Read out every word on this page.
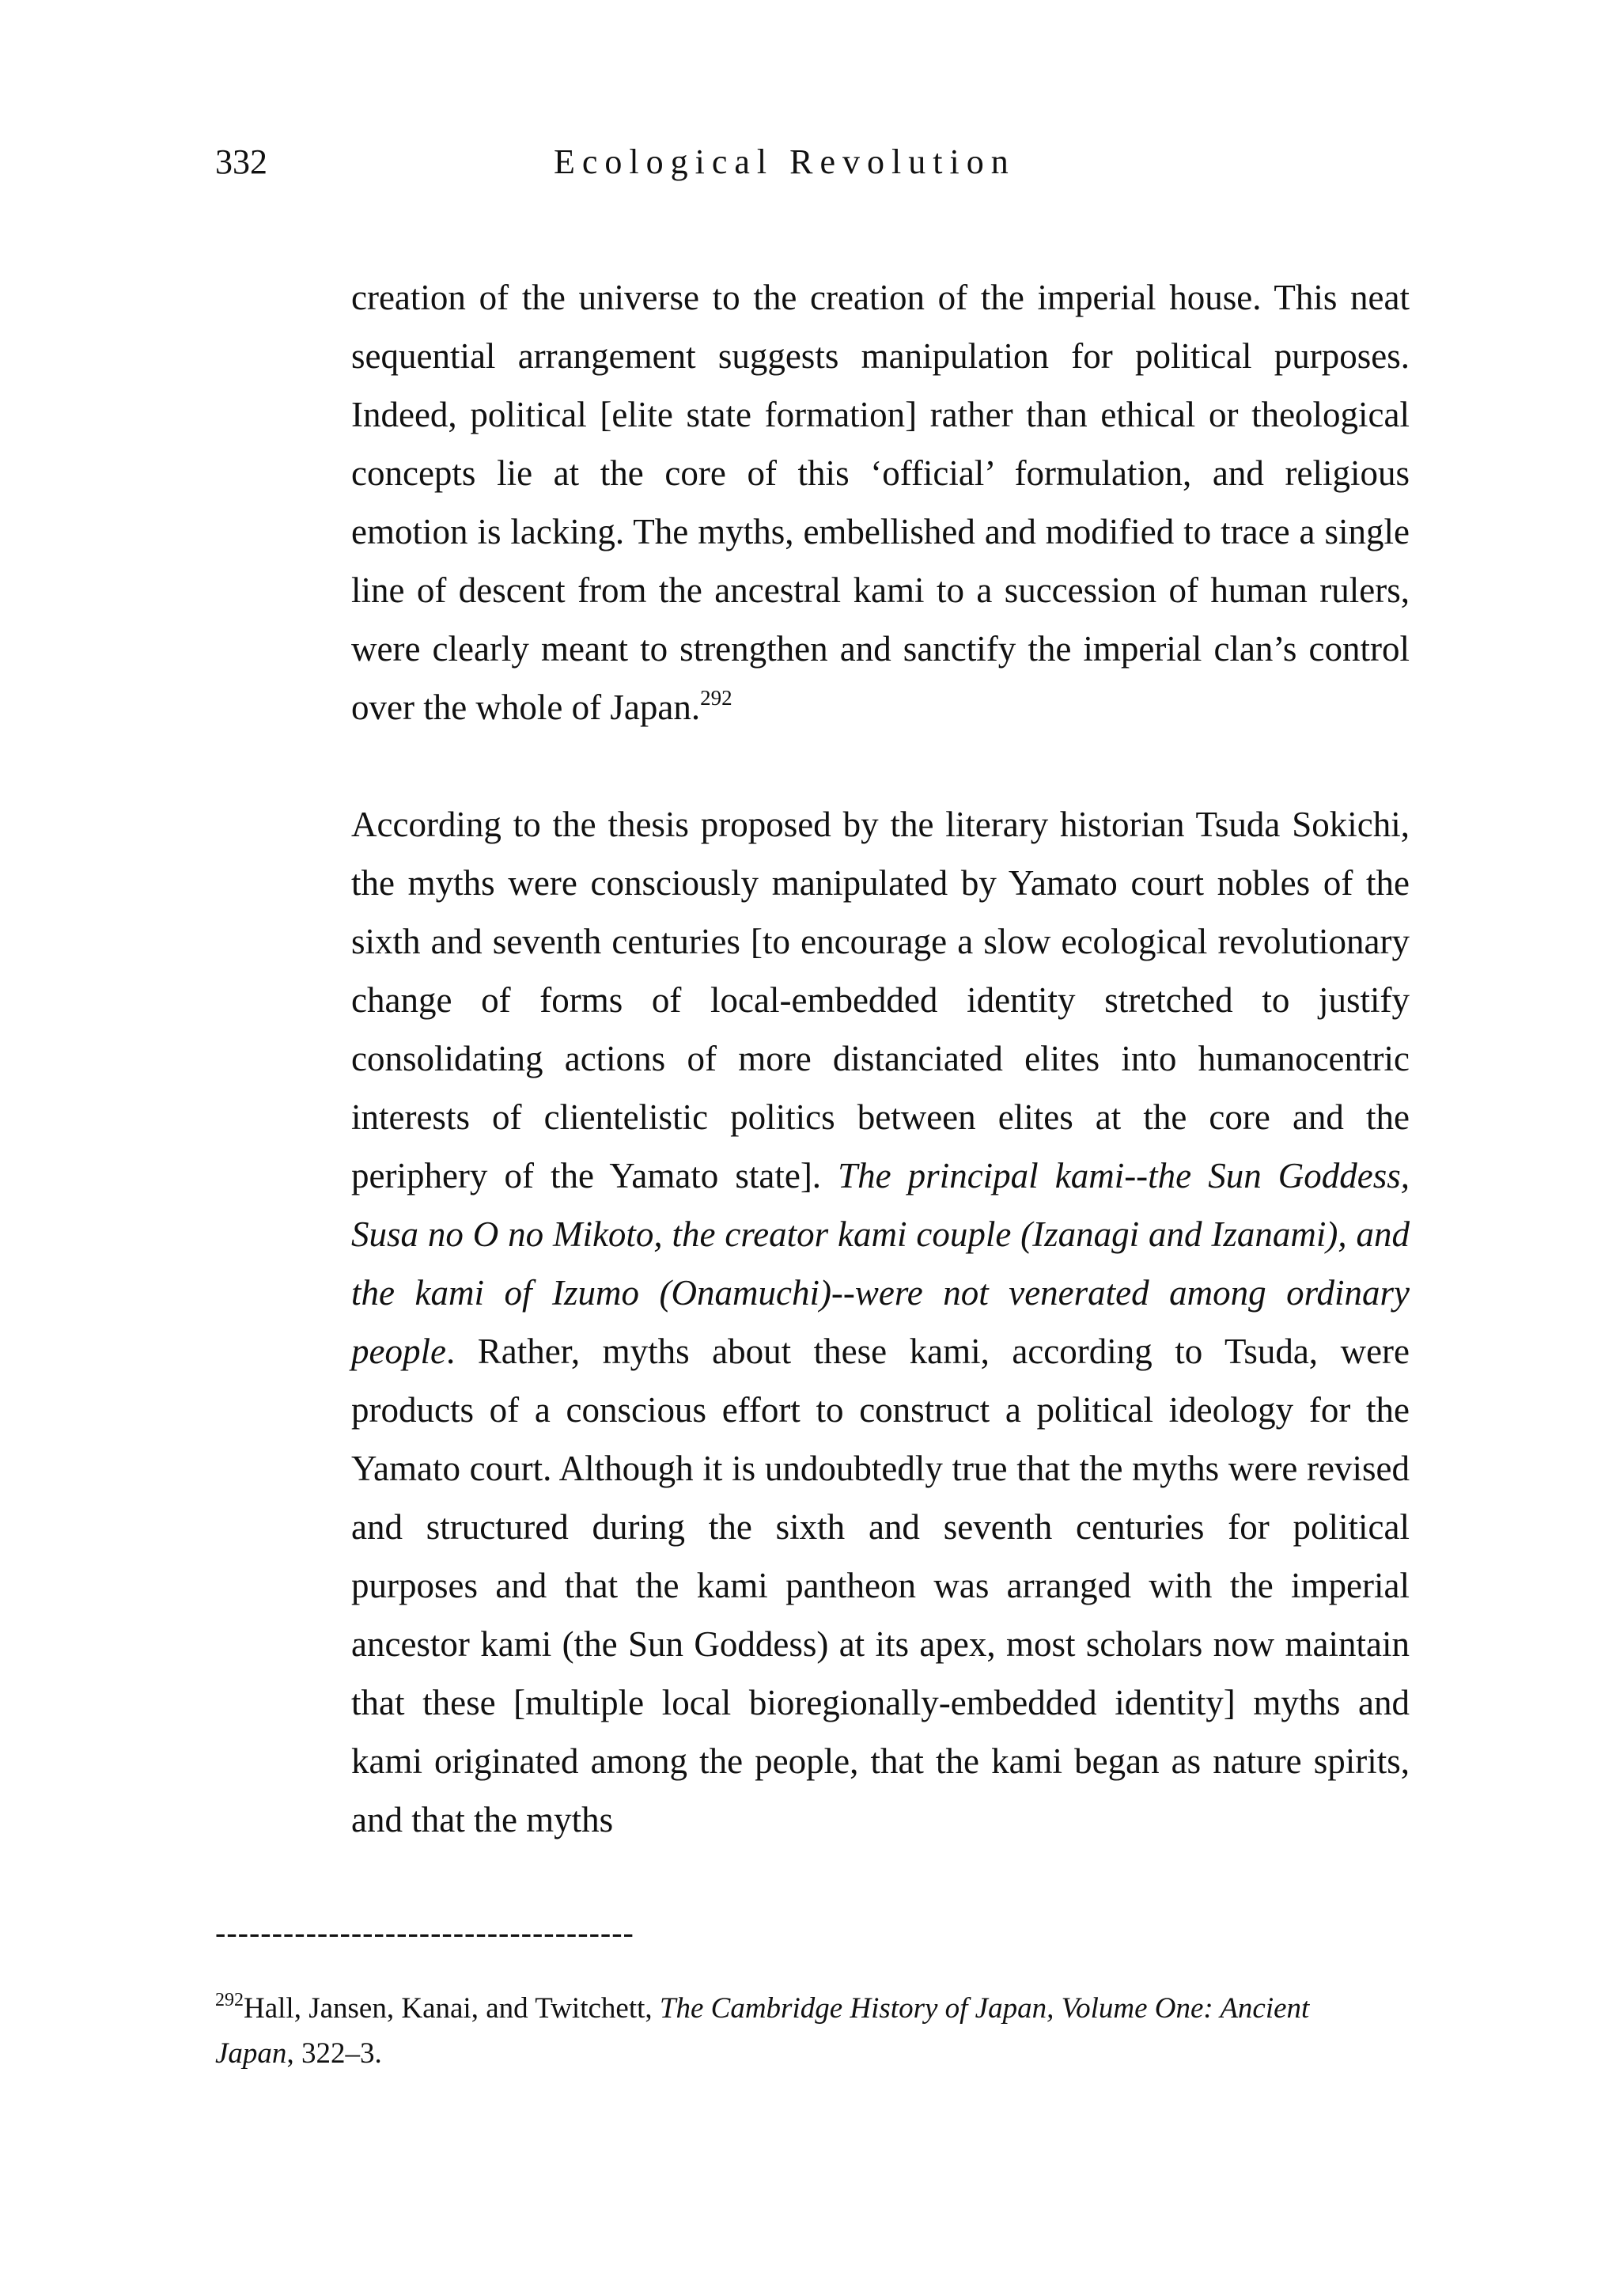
332	Ecological Revolution

creation of the universe to the creation of the imperial house. This neat sequential arrangement suggests manipulation for political purposes. Indeed, political [elite state formation] rather than ethical or theological concepts lie at the core of this ‘official’ formulation, and religious emotion is lacking. The myths, embellished and modified to trace a single line of descent from the ancestral kami to a succession of human rulers, were clearly meant to strengthen and sanctify the imperial clan’s control over the whole of Japan.$^{292}$

According to the thesis proposed by the literary historian Tsuda Sokichi, the myths were consciously manipulated by Yamato court nobles of the sixth and seventh centuries [to encourage a slow ecological revolutionary change of forms of local-embedded identity stretched to justify consolidating actions of more distanciated elites into humanocentric interests of clientelistic politics between elites at the core and the periphery of the Yamato state]. The principal kami--the Sun Goddess, Susa no O no Mikoto, the creator kami couple (Izanagi and Izanami), and the kami of Izumo (Onamuchi)--were not venerated among ordinary people. Rather, myths about these kami, according to Tsuda, were products of a conscious effort to construct a political ideology for the Yamato court. Although it is undoubtedly true that the myths were revised and structured during the sixth and seventh centuries for political purposes and that the kami pantheon was arranged with the imperial ancestor kami (the Sun Goddess) at its apex, most scholars now maintain that these [multiple local bioregionally-embedded identity] myths and kami originated among the people, that the kami began as nature spirits, and that the myths

-------------------------------------

$^{292}$Hall, Jansen, Kanai, and Twitchett, The Cambridge History of Japan, Volume One: Ancient Japan, 322–3.
